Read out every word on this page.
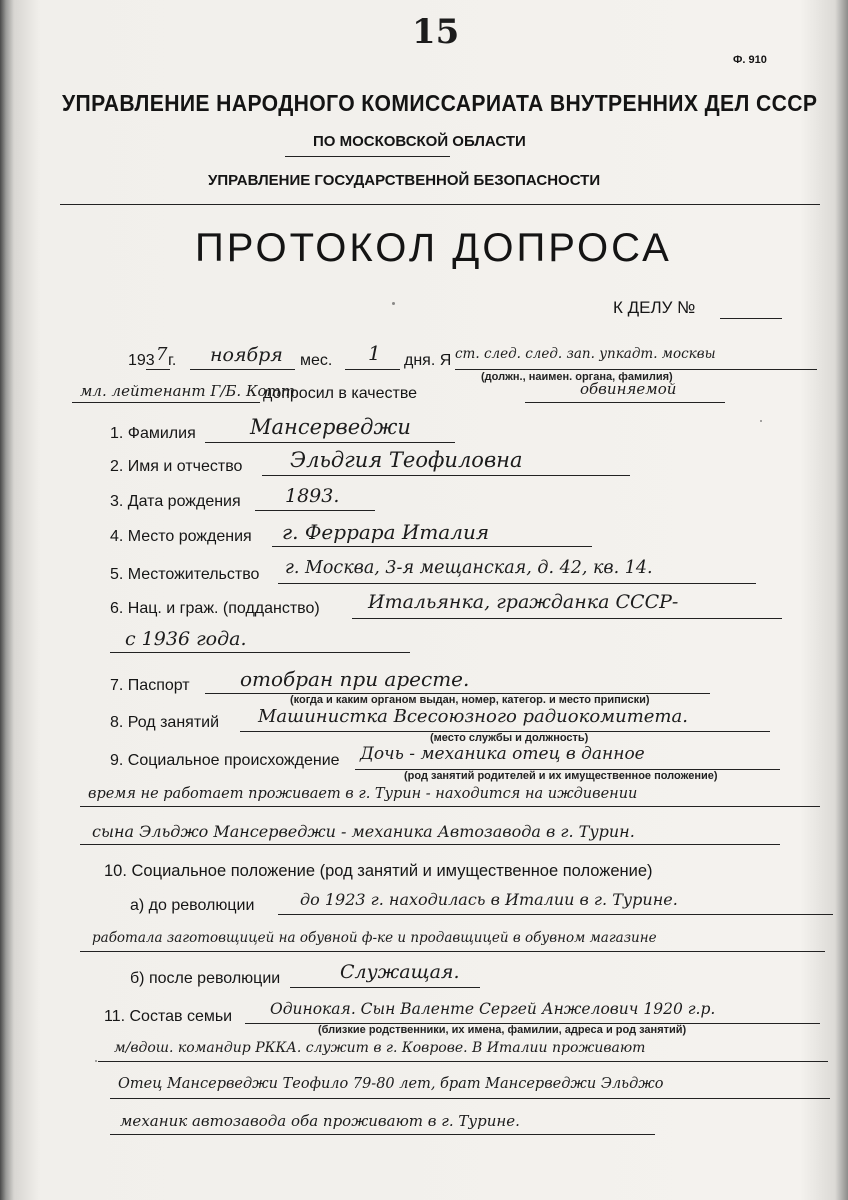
15
Ф. 910
УПРАВЛЕНИЕ НАРОДНОГО КОМИССАРИАТА ВНУТРЕННИХ ДЕЛ СССР
ПО МОСКОВСКОЙ ОБЛАСТИ
УПРАВЛЕНИЕ ГОСУДАРСТВЕННОЙ БЕЗОПАСНОСТИ
ПРОТОКОЛ ДОПРОСА
К ДЕЛУ №
193 7 г. ноября мес. 1 дня. Я ст. след. след. зап. упкадт. москвы
(должн., наимен. органа, фамилия)
мл. лейтенант Г/Б. Котт
допросил в качестве	обвиняемой
1. Фамилия	Мансерведжи
2. Имя и отчество Эльдгия Теофиловна
3. Дата рождения 1893.
4. Место рождения г. Феррара Италия
5. Местожительство г. Москва, 3-я мещанская, д. 42, кв. 14.
6. Нац. и граж. (подданство)	Итальянка, гражданка СССР-
с 1936 года.
7. Паспорт	отобран при аресте.
(когда и каким органом выдан, номер, категор. и место приписки)
8. Род занятий Машинистка Всесоюзного радиокомитета.
(место службы и должность)
9. Социальное происхождение Дочь - механика отец в данное
(род занятий родителей и их имущественное положение)
время не работает проживает в г. Турин - находится на иждивении
сына Эльджо Мансерведжи - механика Автозавода в г. Турин.
10. Социальное положение (род занятий и имущественное положение)
а) до революции	до 1923 г. находилась в Италии в г. Турине.
работала заготовщицей на обувной ф-ке и продавщицей в обувном магазине
б) после революции	Служащая.
11. Состав семьи Одинокая. Сын Валенте Сергей Анжелович 1920 г.р.
(близкие родственники, их имена, фамилии, адреса и род занятий)
м/вдош. командир РККА. служит в г. Коврове. В Италии проживают
Отец Мансерведжи Теофило 79-80 лет, брат Мансерведжи Эльджо
механик автозавода оба проживают в г. Турине.
